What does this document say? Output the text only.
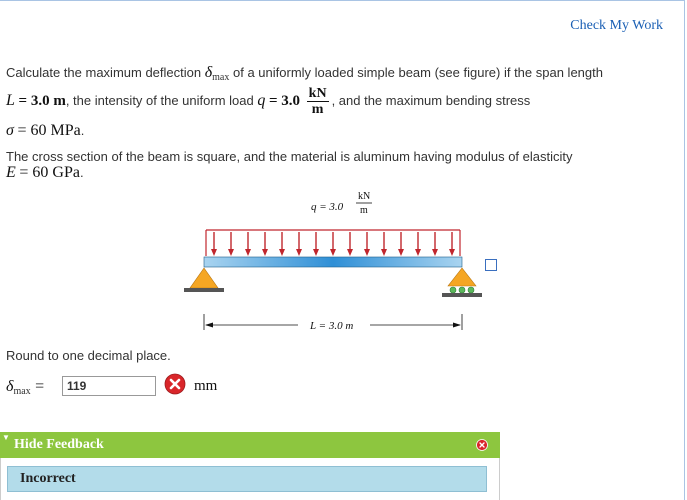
Check My Work
Calculate the maximum deflection $\delta_{max}$ of a uniformly loaded simple beam (see figure) if the span length
L = 3.0 m, the intensity of the uniform load $q = 3.0 \frac{kN}{m}$ , and the maximum bending stress
σ = 60 MPa.
The cross section of the beam is square, and the material is aluminum having modulus of elasticity
E = 60 GPa.
q = 3.0
kN
m
L = 3.0 m
Round to one decimal place.
$\delta_{max}$ =
119	mm
▼ Hide Feedback
Incorrect
